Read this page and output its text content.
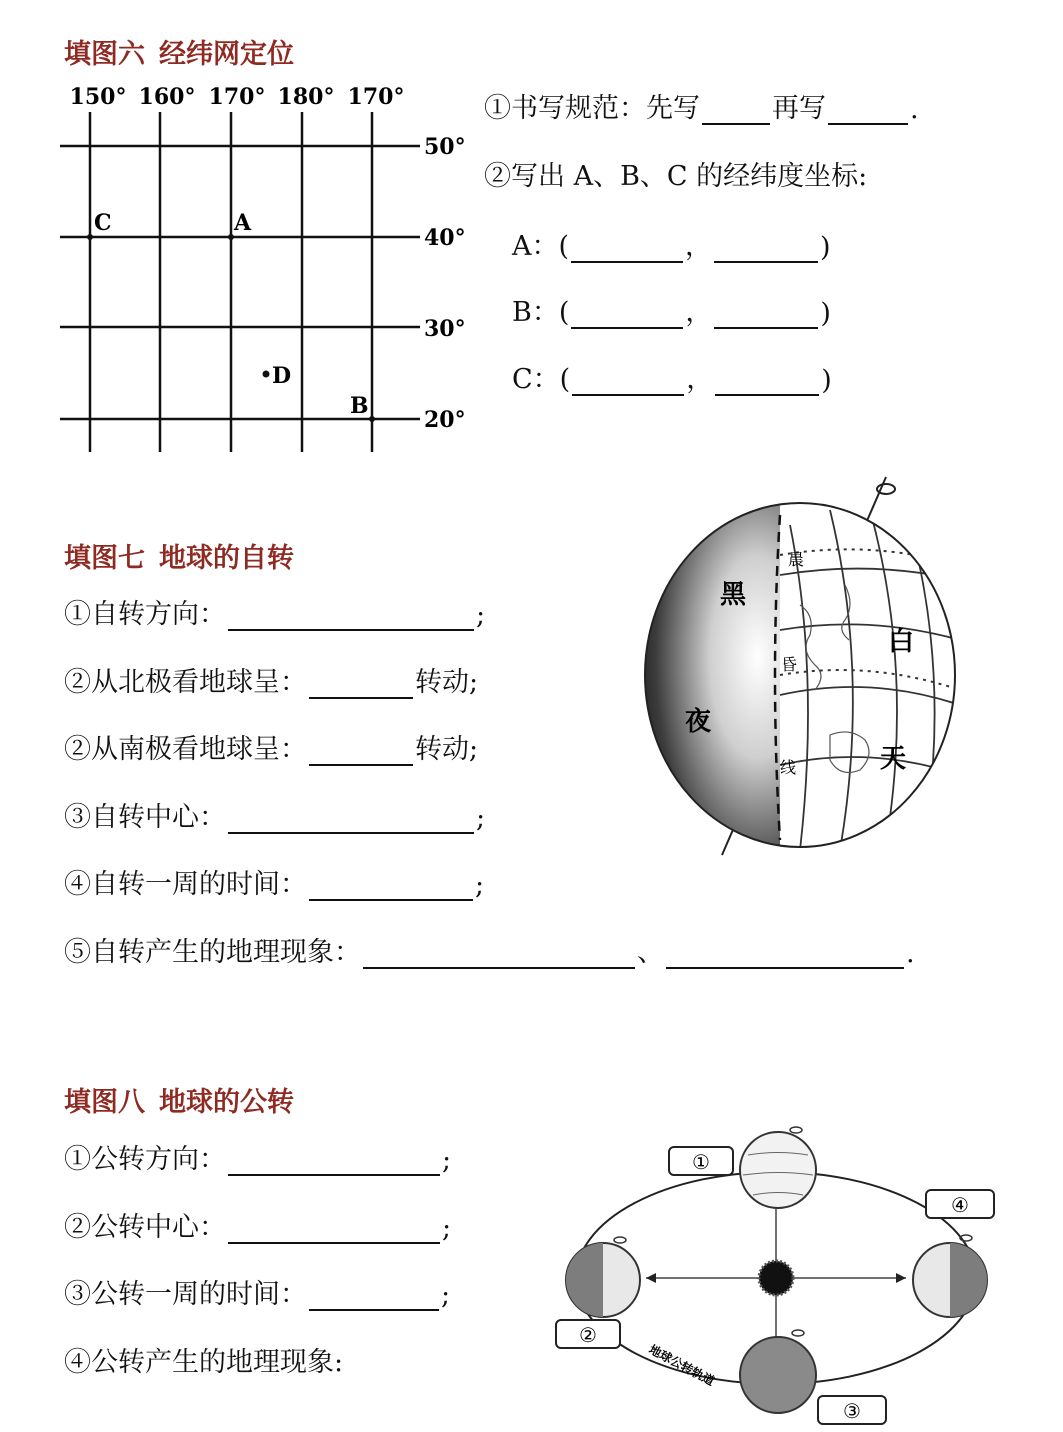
填图六 经纬网定位
150° 160° 170° 180° 170°
50°
40°
30°
20°
C	A
D
B
①书写规范：先写	再写	.
②写出 A、B、C 的经纬度坐标:
A：(	，	)
B：(	，	)
C：(	，	)
填图七 地球的自转
①自转方向：	;
②从北极看地球呈：	转动;
②从南极看地球呈：	转动;
③自转中心：	;
④自转一周的时间：	;
⑤自转产生的地理现象：	、	.
黑
夜
白
天
晨
昏
线
填图八 地球的公转
①公转方向：	;
②公转中心：	;
③公转一周的时间：	;
④公转产生的地理现象:
①
④
②
③
地球公转轨道
